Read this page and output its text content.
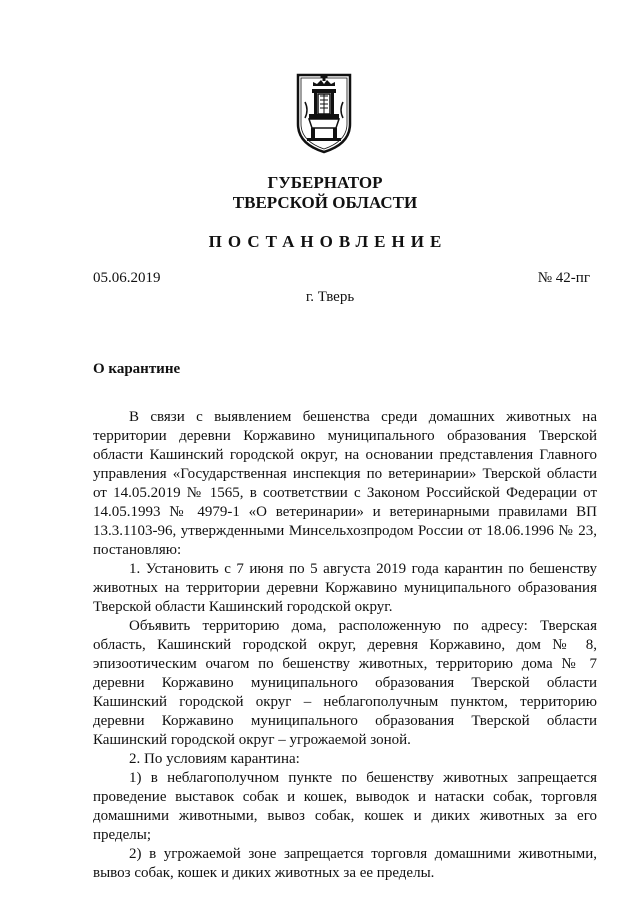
ГУБЕРНАТОР
ТВЕРСКОЙ ОБЛАСТИ
ПОСТАНОВЛЕНИЕ
05.06.2019	№ 42-пг
г. Тверь
О карантине

В связи с выявлением бешенства среди домашних животных на территории деревни Коржавино муниципального образования Тверской области Кашинский городской округ, на основании представления Главного управления «Государственная инспекция по ветеринарии» Тверской области от 14.05.2019 № 1565, в соответствии с Законом Российской Федерации от 14.05.1993 № 4979-1 «О ветеринарии» и ветеринарными правилами ВП 13.3.1103-96, утвержденными Минсельхозпродом России от 18.06.1996 № 23, постановляю:

1. Установить с 7 июня по 5 августа 2019 года карантин по бешенству животных на территории деревни Коржавино муниципального образования Тверской области Кашинский городской округ.

Объявить территорию дома, расположенную по адресу: Тверская область, Кашинский городской округ, деревня Коржавино, дом № 8, эпизоотическим очагом по бешенству животных, территорию дома № 7 деревни Коржавино муниципального образования Тверской области Кашинский городской округ – неблагополучным пунктом, территорию деревни Коржавино муниципального образования Тверской области Кашинский городской округ – угрожаемой зоной.

2. По условиям карантина:

1) в неблагополучном пункте по бешенству животных запрещается проведение выставок собак и кошек, выводок и натаски собак, торговля домашними животными, вывоз собак, кошек и диких животных за его пределы;

2) в угрожаемой зоне запрещается торговля домашними животными, вывоз собак, кошек и диких животных за ее пределы.
